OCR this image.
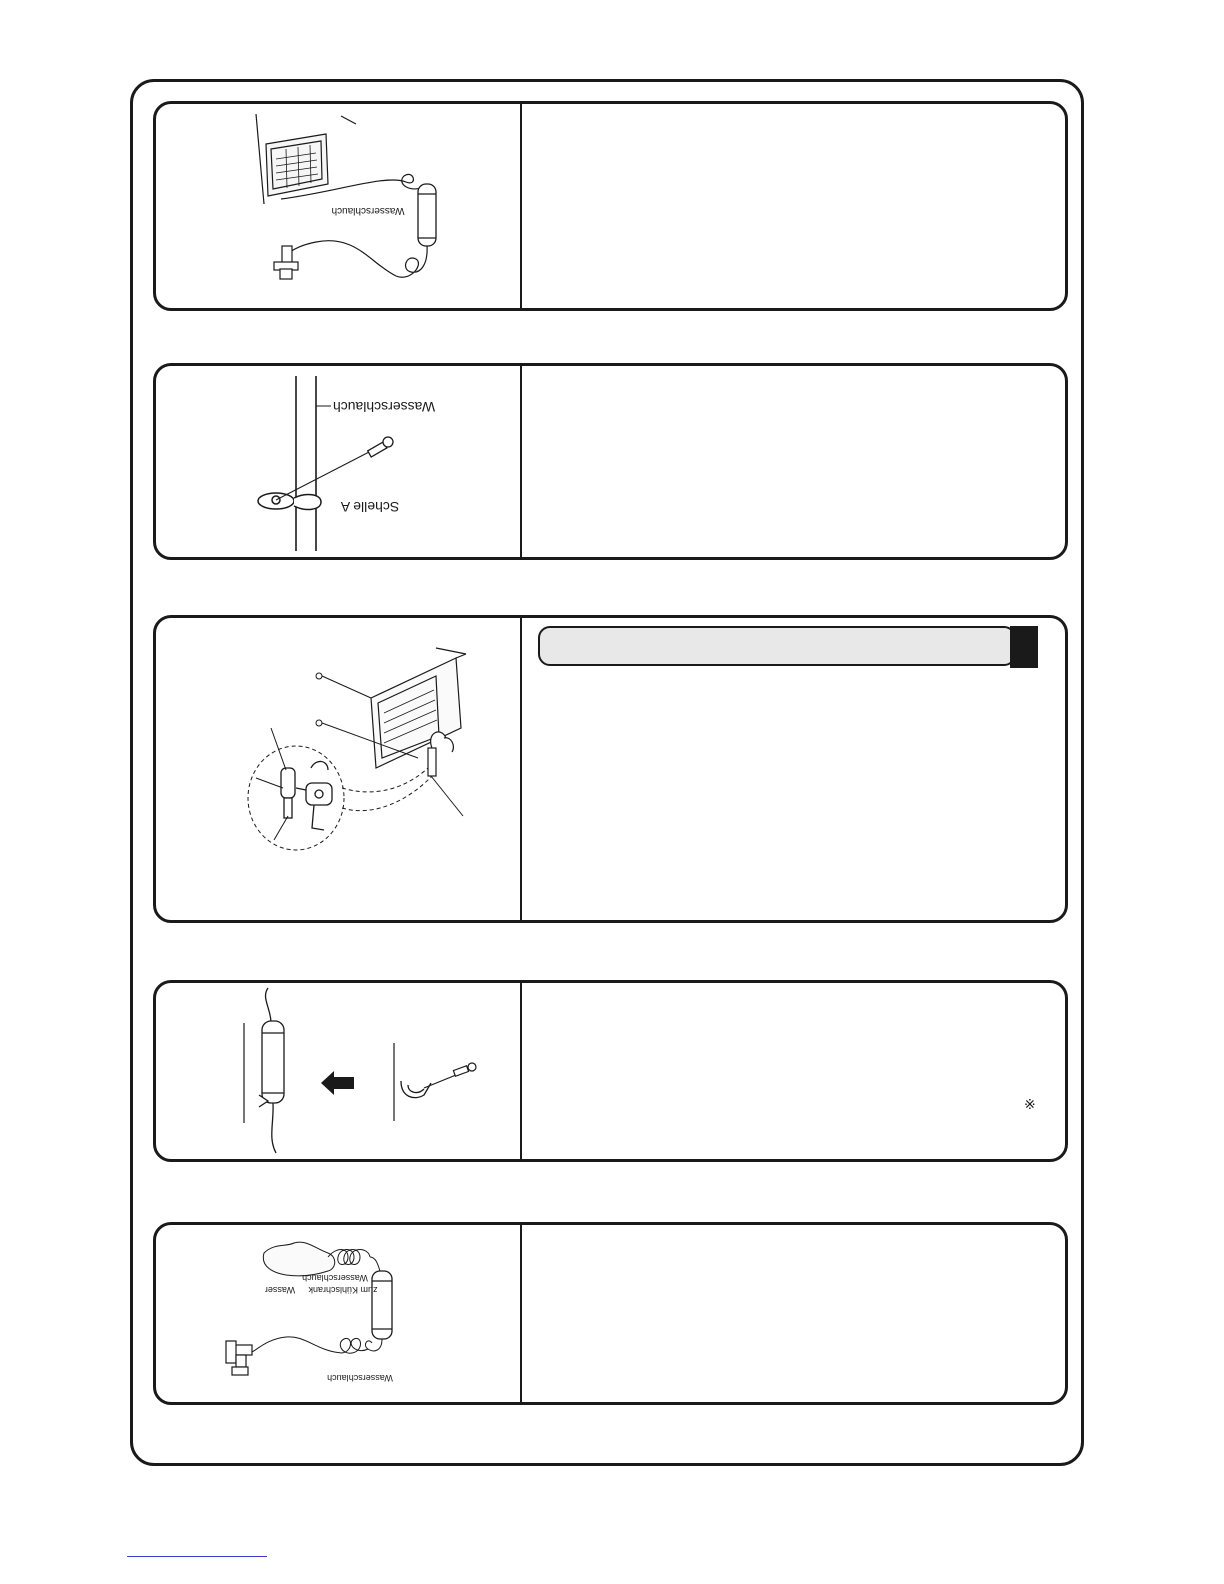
Wasserschlauch
Wasserschlauch
Schelle A
※
Wasser zum Kühlschrank
Wasserschlauch
Wasserschlauch
